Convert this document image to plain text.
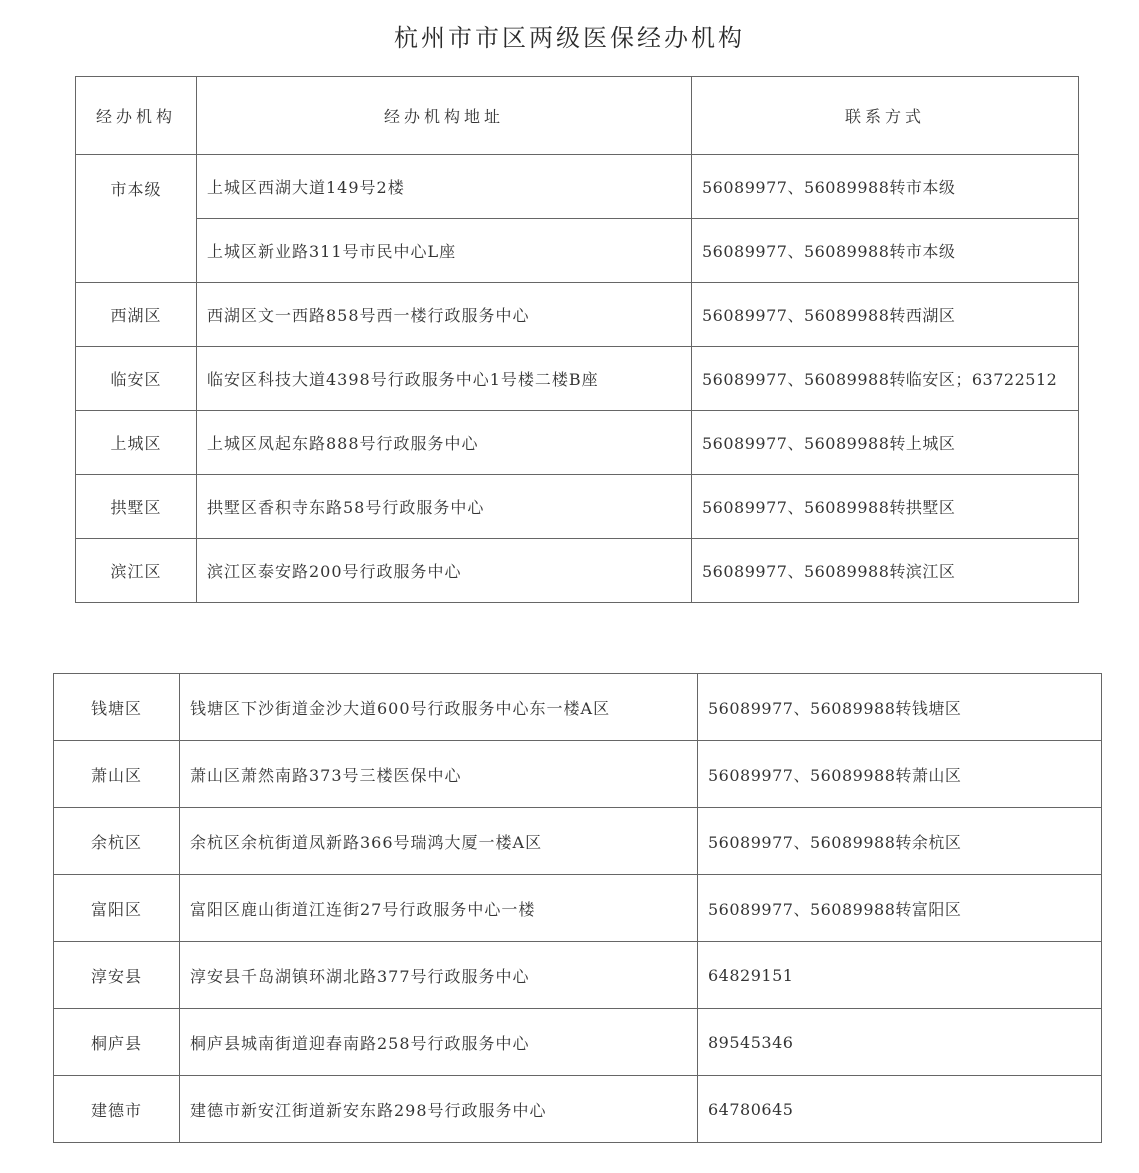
杭州市市区两级医保经办机构
经办机构	经办机构地址	联系方式
市本级	上城区西湖大道149号2楼	56089977、56089988转市本级
	上城区新业路311号市民中心L座	56089977、56089988转市本级
西湖区	西湖区文一西路858号西一楼行政服务中心	56089977、56089988转西湖区
临安区	临安区科技大道4398号行政服务中心1号楼二楼B座	56089977、56089988转临安区；63722512
上城区	上城区凤起东路888号行政服务中心	56089977、56089988转上城区
拱墅区	拱墅区香积寺东路58号行政服务中心	56089977、56089988转拱墅区
滨江区	滨江区泰安路200号行政服务中心	56089977、56089988转滨江区
钱塘区	钱塘区下沙街道金沙大道600号行政服务中心东一楼A区	56089977、56089988转钱塘区
萧山区	萧山区萧然南路373号三楼医保中心	56089977、56089988转萧山区
余杭区	余杭区余杭街道凤新路366号瑞鸿大厦一楼A区	56089977、56089988转余杭区
富阳区	富阳区鹿山街道江连街27号行政服务中心一楼	56089977、56089988转富阳区
淳安县	淳安县千岛湖镇环湖北路377号行政服务中心	64829151
桐庐县	桐庐县城南街道迎春南路258号行政服务中心	89545346
建德市	建德市新安江街道新安东路298号行政服务中心	64780645
